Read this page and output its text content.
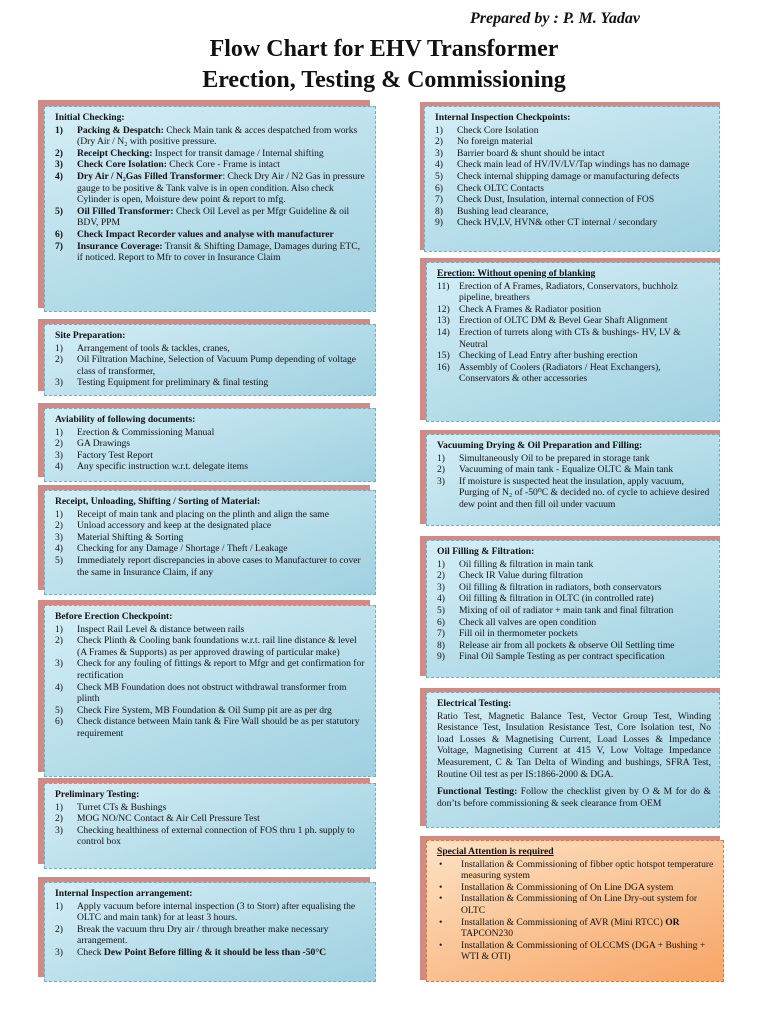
Prepared by : P. M. Yadav
Flow Chart for EHV Transformer
Erection, Testing & Commissioning
Initial Checking:
1)	Packing & Despatch: Check Main tank & acces despatched from works (Dry Air / N₂ with positive pressure.
2)	Receipt Checking: Inspect for transit damage / Internal shifting
3)	Check Core Isolation: Check Core - Frame is intact
4)	Dry Air / N₂Gas Filled Transformer: Check Dry Air / N2 Gas in pressure gauge to be positive & Tank valve is in open condition. Also check Cylinder is open, Moisture dew point & report to mfg.
5)	Oil Filled Transformer: Check Oil Level as per Mfgr Guideline & oil BDV, PPM
6)	Check Impact Recorder values and analyse with manufacturer
7)	Insurance Coverage: Transit & Shifting Damage, Damages during ETC, if noticed. Report to Mfr to cover in Insurance Claim
Site Preparation:
1)	Arrangement of tools & tackles, cranes,
2)	Oil Filtration Machine, Selection of Vacuum Pump depending of voltage class of transformer,
3)	Testing Equipment for preliminary & final testing
Aviability of following documents:
1)	Erection & Commissioning Manual
2)	GA Drawings
3)	Factory Test Report
4)	Any specific instruction w.r.t. delegate items
Receipt, Unloading, Shifting / Sorting of Material:
1)	Receipt of main tank and placing on the plinth and align the same
2)	Unload accessory and keep at the designated place
3)	Material Shifting & Sorting
4)	Checking for any Damage / Shortage / Theft / Leakage
5)	Immediately report discrepancies in above cases to Manufacturer to cover the same in Insurance Claim, if any
Before Erection Checkpoint:
1)	Inspect Rail Level & distance between rails
2)	Check Plinth & Cooling bank foundations w.r.t. rail line distance & level (A Frames & Supports) as per approved drawing of particular make)
3)	Check for any fouling of fittings & report to Mfgr and get confirmation for rectification
4)	Check MB Foundation does not obstruct withdrawal transformer from plinth
5)	Check Fire System, MB Foundation & Oil Sump pit are as per drg
6)	Check distance between Main tank & Fire Wall should be as per statutory requirement
Preliminary Testing:
1)	Turret CTs & Bushings
2)	MOG NO/NC Contact & Air Cell Pressure Test
3)	Checking healthiness of external connection of FOS thru 1 ph. supply to control box
Internal Inspection arrangement:
1)	Apply vacuum before internal inspection (3 to Storr) after equalising the OLTC and main tank) for at least 3 hours.
2)	Break the vacuum thru Dry air / through breather make necessary arrangement.
3)	Check Dew Point Before filling & it should be less than -50°C
Internal Inspection Checkpoints:
1)	Check Core Isolation
2)	No foreign material
3)	Barrier board & shunt should be intact
4)	Check main lead of HV/IV/LV/Tap windings has no damage
5)	Check internal shipping damage or manufacturing defects
6)	Check OLTC Contacts
7)	Check Dust, Insulation, internal connection of FOS
8)	Bushing lead clearance,
9)	Check HV,LV, HVN& other CT internal / secondary
Erection: Without opening of blanking
11) Erection of A Frames, Radiators, Conservators, buchholz pipeline, breathers
12) Check A Frames & Radiator position
13) Erection of OLTC DM & Bevel Gear Shaft Alignment
14) Erection of turrets along with CTs & bushings- HV, LV & Neutral
15) Checking of Lead Entry after bushing erection
16) Assembly of Coolers (Radiators / Heat Exchangers), Conservators & other accessories
Vacuuming Drying & Oil Preparation and Filling:
1)	Simultaneously Oil to be prepared in storage tank
2)	Vacuuming of main tank - Equalize OLTC & Main tank
3)	If moisture is suspected heat the insulation, apply vacuum, Purging of N₂ of -50⁰C & decided no. of cycle to achieve desired dew point and then fill oil under vacuum
Oil Filling & Filtration:
1)	Oil filling & filtration in main tank
2)	Check IR Value during filtration
3)	Oil filling & filtration in radiators, both conservators
4)	Oil filling & filtration in OLTC (in controlled rate)
5)	Mixing of oil of radiator + main tank and final filtration
6)	Check all valves are open condition
7)	Fill oil in thermometer pockets
8)	Release air from all pockets & observe Oil Settling time
9)	Final Oil Sample Testing as per contract specification
Electrical Testing:
Ratio Test, Magnetic Balance Test, Vector Group Test, Winding Resistance Test, Insulation Resistance Test, Core Isolation test, No load Losses & Magnetising Current, Load Losses & Impedance Voltage, Magnetising Current at 415 V, Low Voltage Impedance Measurement, C & Tan Delta of Winding and bushings, SFRA Test, Routine Oil test as per IS:1866-2000 & DGA.
Functional Testing: Follow the checklist given by O & M for do & don’ts before commissioning & seek clearance from OEM
Special Attention is required
•	Installation & Commissioning of fibber optic hotspot temperature measuring system
•	Installation & Commissioning of On Line DGA system
•	Installation & Commissioning of On Line Dry-out system for OLTC
•	Installation & Commissioning of AVR (Mini RTCC) OR TAPCON230
•	Installation & Commissioning of OLCCMS (DGA + Bushing + WTI & OTI)
